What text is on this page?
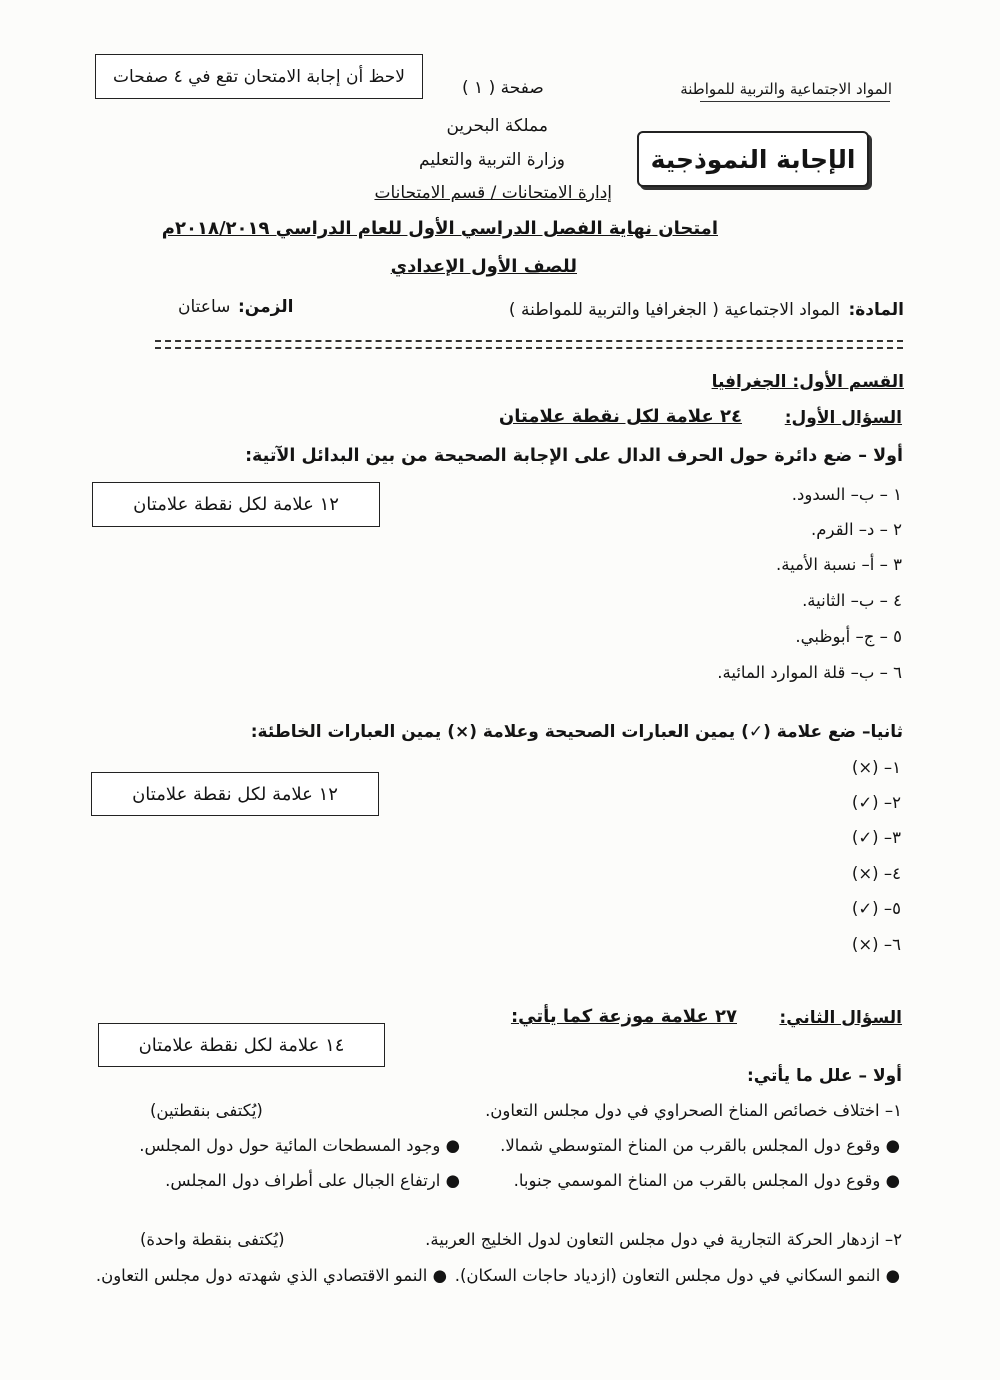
المواد الاجتماعية والتربية للمواطنة
صفحة ( ١ )
لاحظ أن إجابة الامتحان تقع في ٤ صفحات
مملكة البحرين
وزارة التربية والتعليم
إدارة الامتحانات / قسم الامتحانات
الإجابة النموذجية
امتحان نهاية الفصل الدراسي الأول للعام الدراسي ٢٠١٨/٢٠١٩م
للصف الأول الإعدادي
المادة:
المواد الاجتماعية ( الجغرافيا والتربية للمواطنة )
الزمن:
ساعتان
القسم الأول: الجغرافيا
السؤال الأول:
٢٤ علامة لكل نقطة علامتان
أولا – ضع دائرة حول الحرف الدال على الإجابة الصحيحة من بين البدائل الآتية:
١٢ علامة لكل نقطة علامتان	١ – ب– السدود.
٢ – د– القرم.
٣ – أ– نسبة الأمية.
٤ – ب– الثانية.
٥ – ج– أبوظبي.
٦ – ب– قلة الموارد المائية.
ثانيا– ضع علامة (✓) يمين العبارات الصحيحة وعلامة (×) يمين العبارات الخاطئة:
١٢ علامة لكل نقطة علامتان
١– (×)
٢– (✓)
٣– (✓)
٤– (×)
٥– (✓)
٦– (×)
السؤال الثاني:
٢٧ علامة موزعة كما يأتي:
١٤ علامة لكل نقطة علامتان
أولا – علل ما يأتي:
١– اختلاف خصائص المناخ الصحراوي في دول مجلس التعاون.
(يُكتفى بنقطتين)
● وقوع دول المجلس بالقرب من المناخ المتوسطي شمالا.
● وجود المسطحات المائية حول دول المجلس.
● وقوع دول المجلس بالقرب من المناخ الموسمي جنوبا.
● ارتفاع الجبال على أطراف دول المجلس.
٢– ازدهار الحركة التجارية في دول مجلس التعاون لدول الخليج العربية.
(يُكتفى بنقطة واحدة)
● النمو السكاني في دول مجلس التعاون (ازدياد حاجات السكان).
● النمو الاقتصادي الذي شهدته دول مجلس التعاون.
